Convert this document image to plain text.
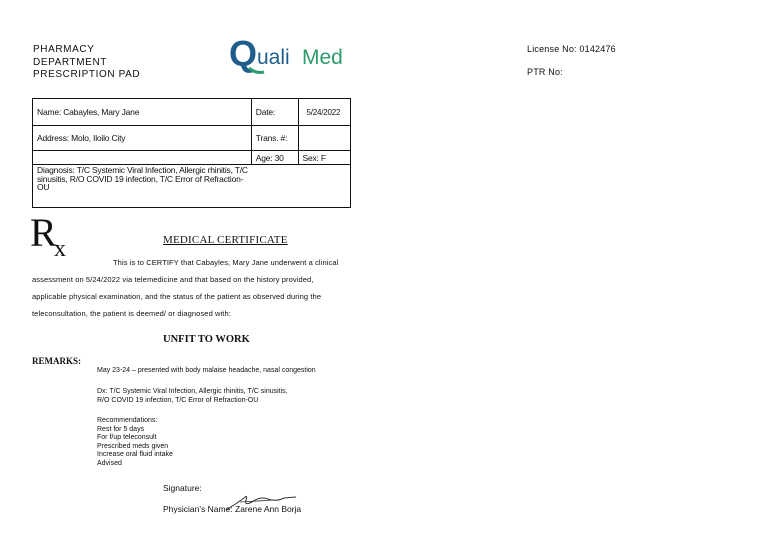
PHARMACY
DEPARTMENT
PRESCRIPTION PAD
Q uali Med	License No: 0142476
PTR No:
Name: Cabayles, Mary Jane	Date:	5/24/2022
Address: Molo, Iloilo City	Trans. #:	
	Age: 30	Sex: F

Diagnosis: T/C Systemic Viral Infection, Allergic rhinitis, T/C sinusitis, R/O COVID 19 infection, T/C Error of Refraction-OU		
R
x	MEDICAL CERTIFICATE
This is to CERTIFY that Cabayles, Mary Jane underwent a clinical
assessment on 5/24/2022 via telemedicine and that based on the history provided,
applicable physical examination, and the status of the patient as observed during the
teleconsultation, the patient is deemed/ or diagnosed with:
UNFIT TO WORK
REMARKS:
May 23-24 – presented with body malaise headache, nasal congestion
Dx: T/C Systemic Viral Infection, Allergic rhinitis, T/C sinusitis,
R/O COVID 19 infection, T/C Error of Refraction-OU
Recommendations:
Rest for 5 days
For f/up teleconsult
Prescribed meds given
Increase oral fluid intake
Advised
Signature:
Physician's Name: Zarene Ann Borja
